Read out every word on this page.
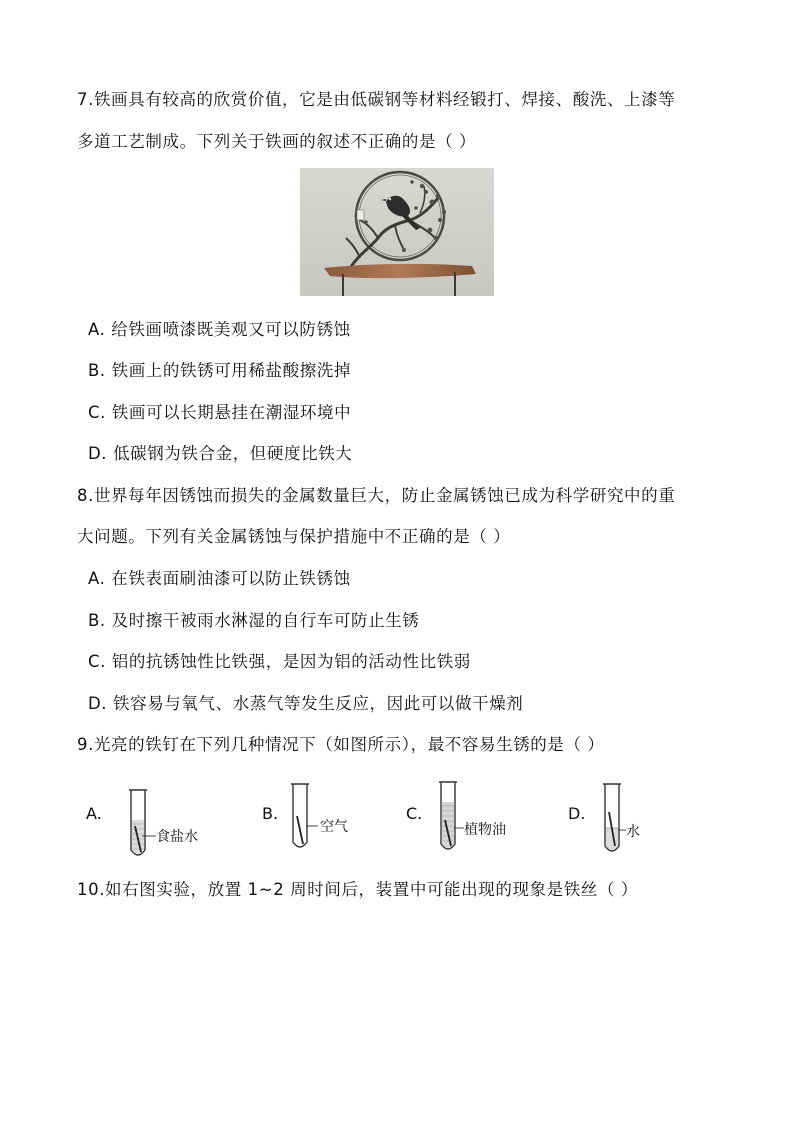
7.铁画具有较高的欣赏价值，它是由低碳钢等材料经锻打、焊接、酸洗、上漆等
多道工艺制成。下列关于铁画的叙述不正确的是（ ）
A. 给铁画喷漆既美观又可以防锈蚀
B. 铁画上的铁锈可用稀盐酸擦洗掉
C. 铁画可以长期悬挂在潮湿环境中
D. 低碳钢为铁合金，但硬度比铁大
8.世界每年因锈蚀而损失的金属数量巨大，防止金属锈蚀已成为科学研究中的重
大问题。下列有关金属锈蚀与保护措施中不正确的是（ ）
A. 在铁表面刷油漆可以防止铁锈蚀
B. 及时擦干被雨水淋湿的自行车可防止生锈
C. 铝的抗锈蚀性比铁强，是因为铝的活动性比铁弱
D. 铁容易与氧气、水蒸气等发生反应，因此可以做干燥剂
9.光亮的铁钉在下列几种情况下（如图所示），最不容易生锈的是（ ）
A.
食盐水
B.
空气
C.
植物油
D.
水
10.如右图实验，放置 1~2 周时间后，装置中可能出现的现象是铁丝（ ）
